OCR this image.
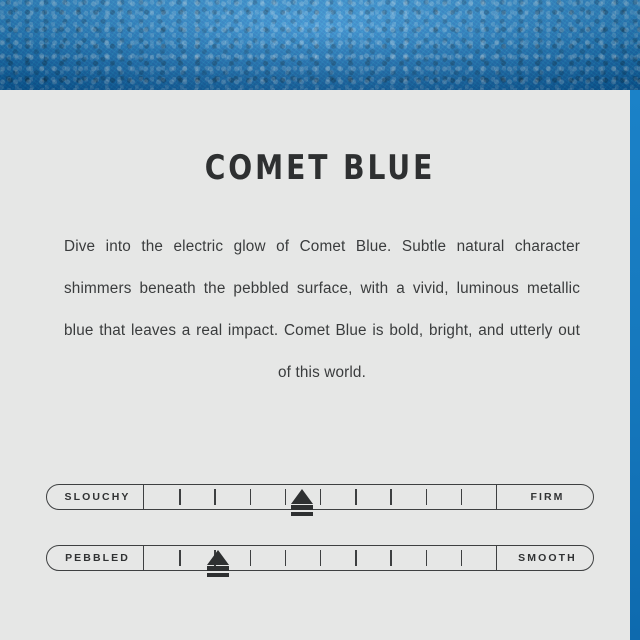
COMET BLUE
Dive into the electric glow of Comet Blue. Subtle natural character shimmers beneath the pebbled surface, with a vivid, luminous metallic blue that leaves a real impact. Comet Blue is bold, bright, and utterly out of this world.
SLOUCHY	FIRM
PEBBLED	SMOOTH
